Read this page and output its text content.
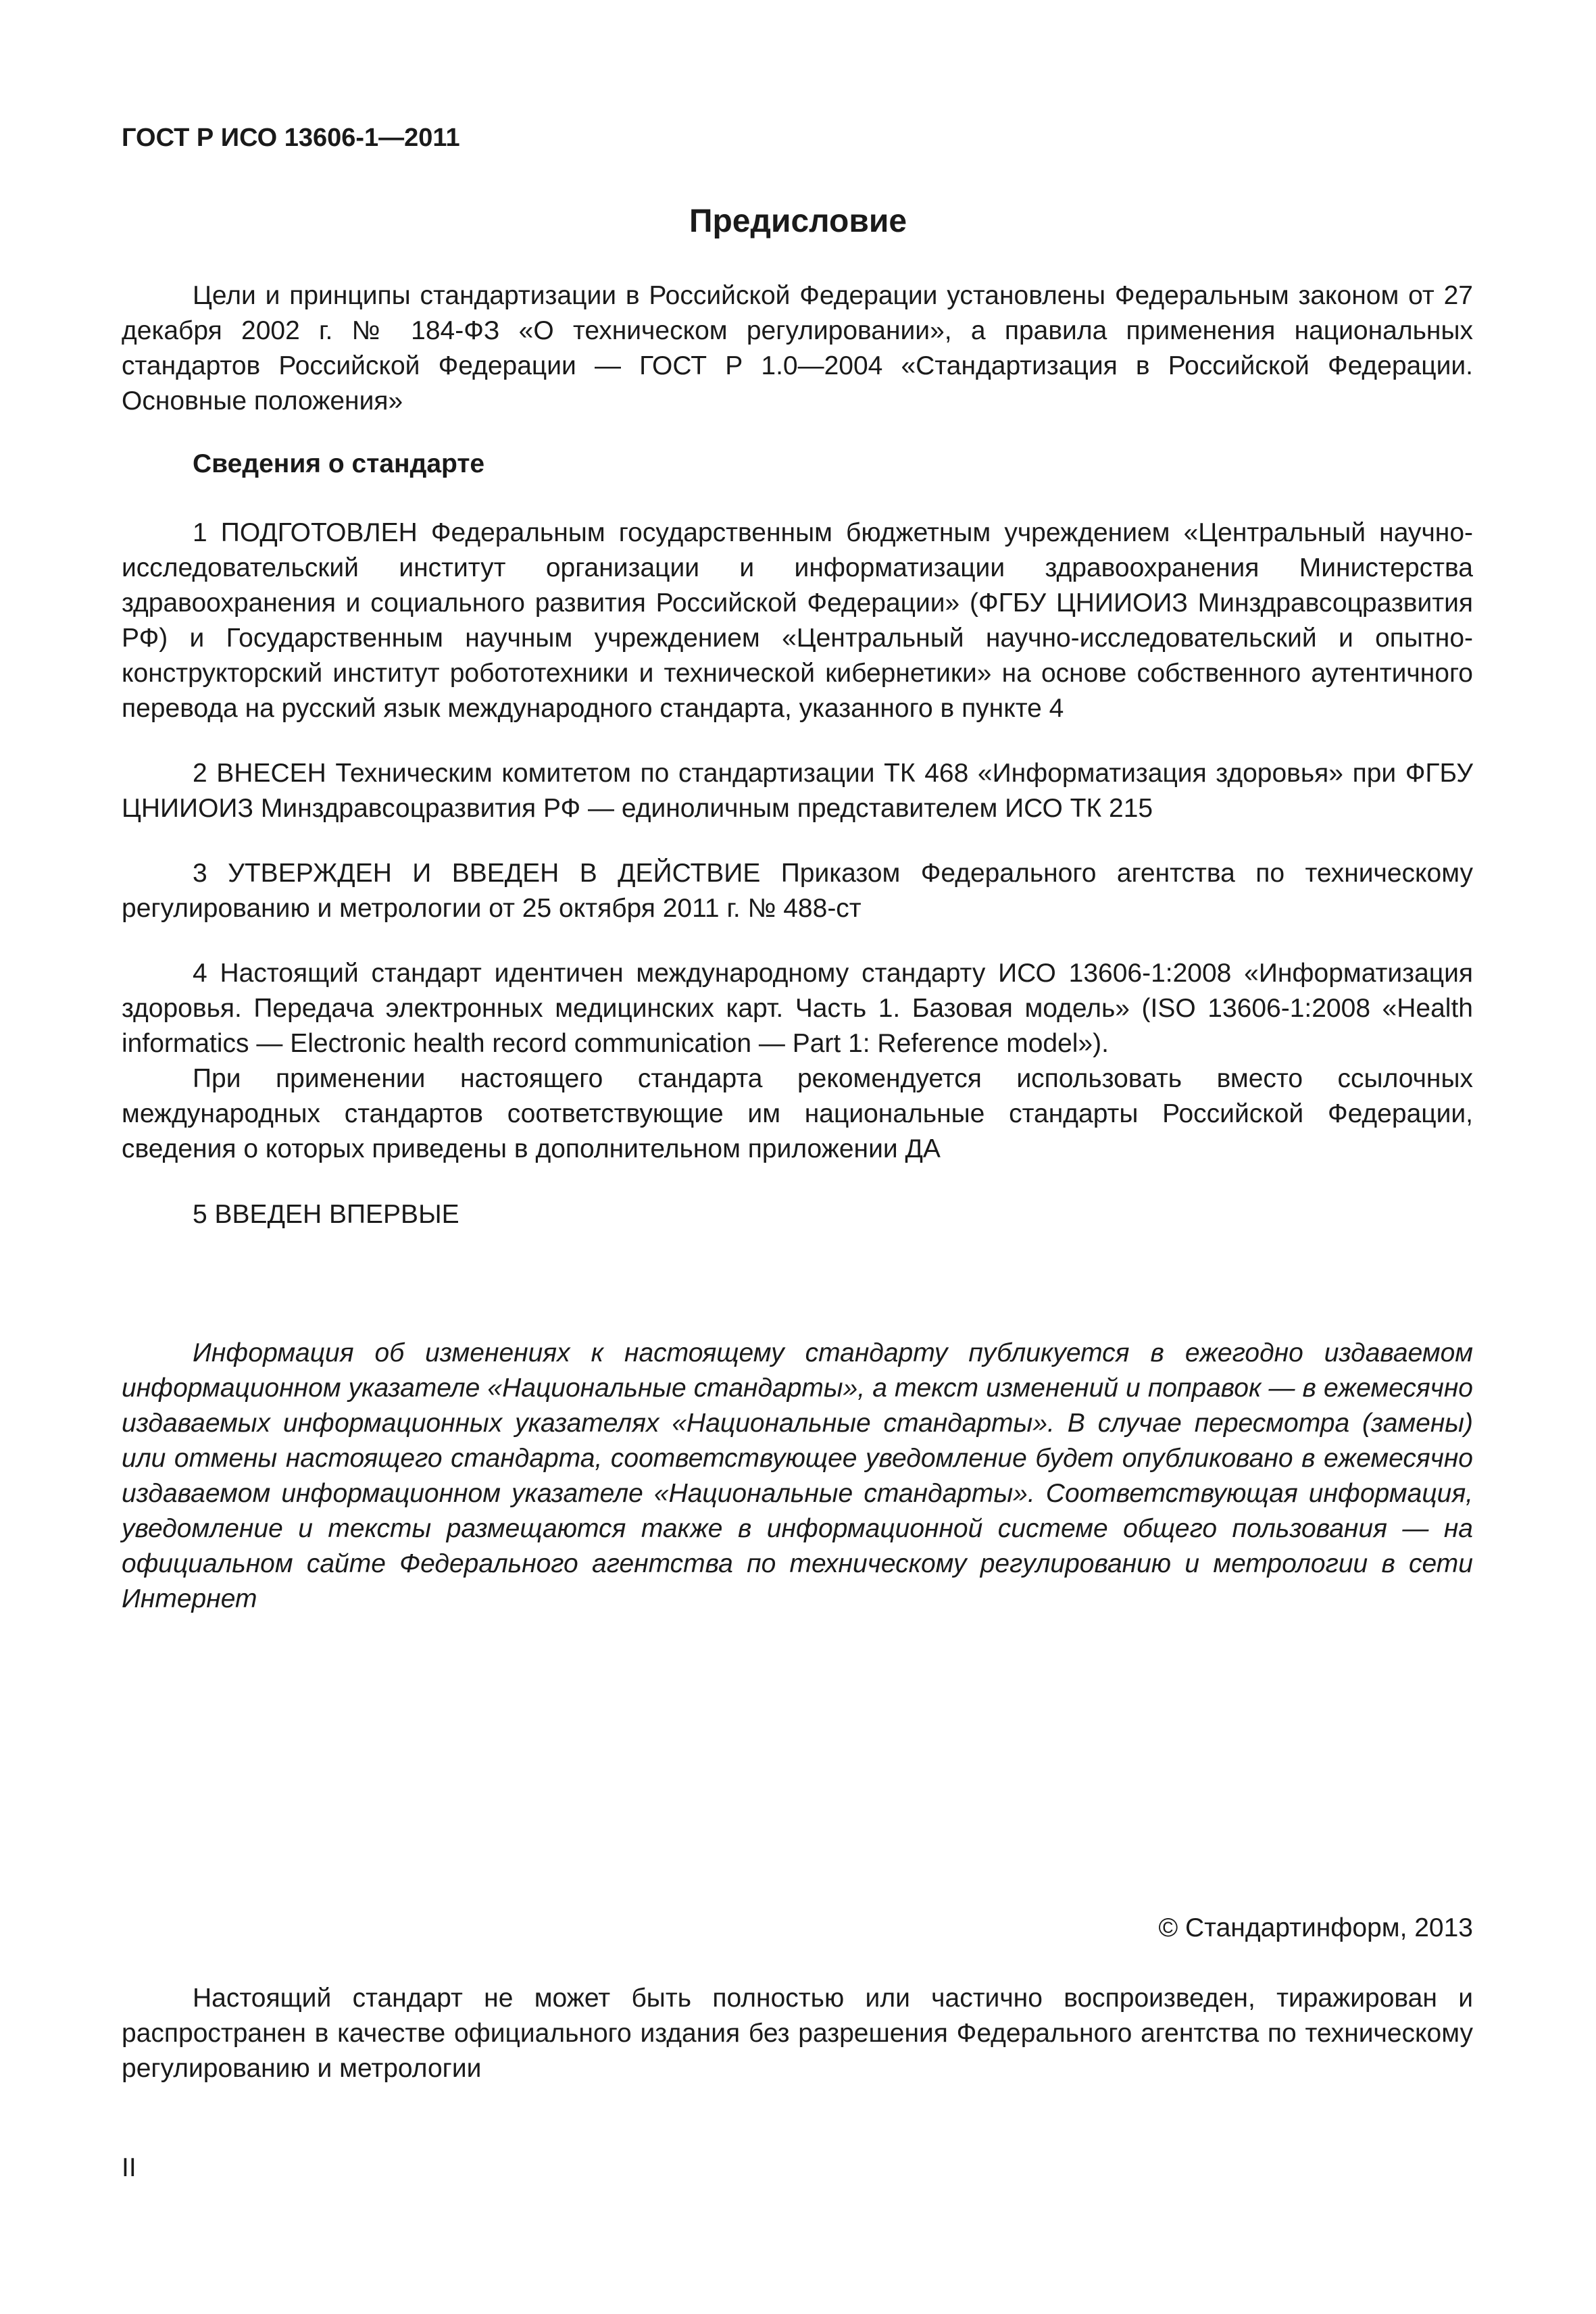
ГОСТ Р ИСО 13606-1—2011
Предисловие

Цели и принципы стандартизации в Российской Федерации установлены Федеральным законом от 27 декабря 2002 г. № 184-ФЗ «О техническом регулировании», а правила применения национальных стандартов Российской Федерации — ГОСТ Р 1.0—2004 «Стандартизация в Российской Федерации. Основные положения»

Сведения о стандарте

1 ПОДГОТОВЛЕН Федеральным государственным бюджетным учреждением «Центральный научно-исследовательский институт организации и информатизации здравоохранения Министерства здравоохранения и социального развития Российской Федерации» (ФГБУ ЦНИИОИЗ Минздравсоцразвития РФ) и Государственным научным учреждением «Центральный научно-исследовательский и опытно-конструкторский институт робототехники и технической кибернетики» на основе собственного аутентичного перевода на русский язык международного стандарта, указанного в пункте 4

2 ВНЕСЕН Техническим комитетом по стандартизации ТК 468 «Информатизация здоровья» при ФГБУ ЦНИИОИЗ Минздравсоцразвития РФ — единоличным представителем ИСО ТК 215

3 УТВЕРЖДЕН И ВВЕДЕН В ДЕЙСТВИЕ Приказом Федерального агентства по техническому регулированию и метрологии от 25 октября 2011 г. № 488-ст

4 Настоящий стандарт идентичен международному стандарту ИСО 13606-1:2008 «Информатизация здоровья. Передача электронных медицинских карт. Часть 1. Базовая модель» (ISO 13606-1:2008 «Health informatics — Electronic health record communication — Part 1: Reference model»).

При применении настоящего стандарта рекомендуется использовать вместо ссылочных международных стандартов соответствующие им национальные стандарты Российской Федерации, сведения о которых приведены в дополнительном приложении ДА

5 ВВЕДЕН ВПЕРВЫЕ

Информация об изменениях к настоящему стандарту публикуется в ежегодно издаваемом информационном указателе «Национальные стандарты», а текст изменений и поправок — в ежемесячно издаваемых информационных указателях «Национальные стандарты». В случае пересмотра (замены) или отмены настоящего стандарта, соответствующее уведомление будет опубликовано в ежемесячно издаваемом информационном указателе «Национальные стандарты». Соответствующая информация, уведомление и тексты размещаются также в информационной системе общего пользования — на официальном сайте Федерального агентства по техническому регулированию и метрологии в сети Интернет

© Стандартинформ, 2013

Настоящий стандарт не может быть полностью или частично воспроизведен, тиражирован и распространен в качестве официального издания без разрешения Федерального агентства по техническому регулированию и метрологии

II
